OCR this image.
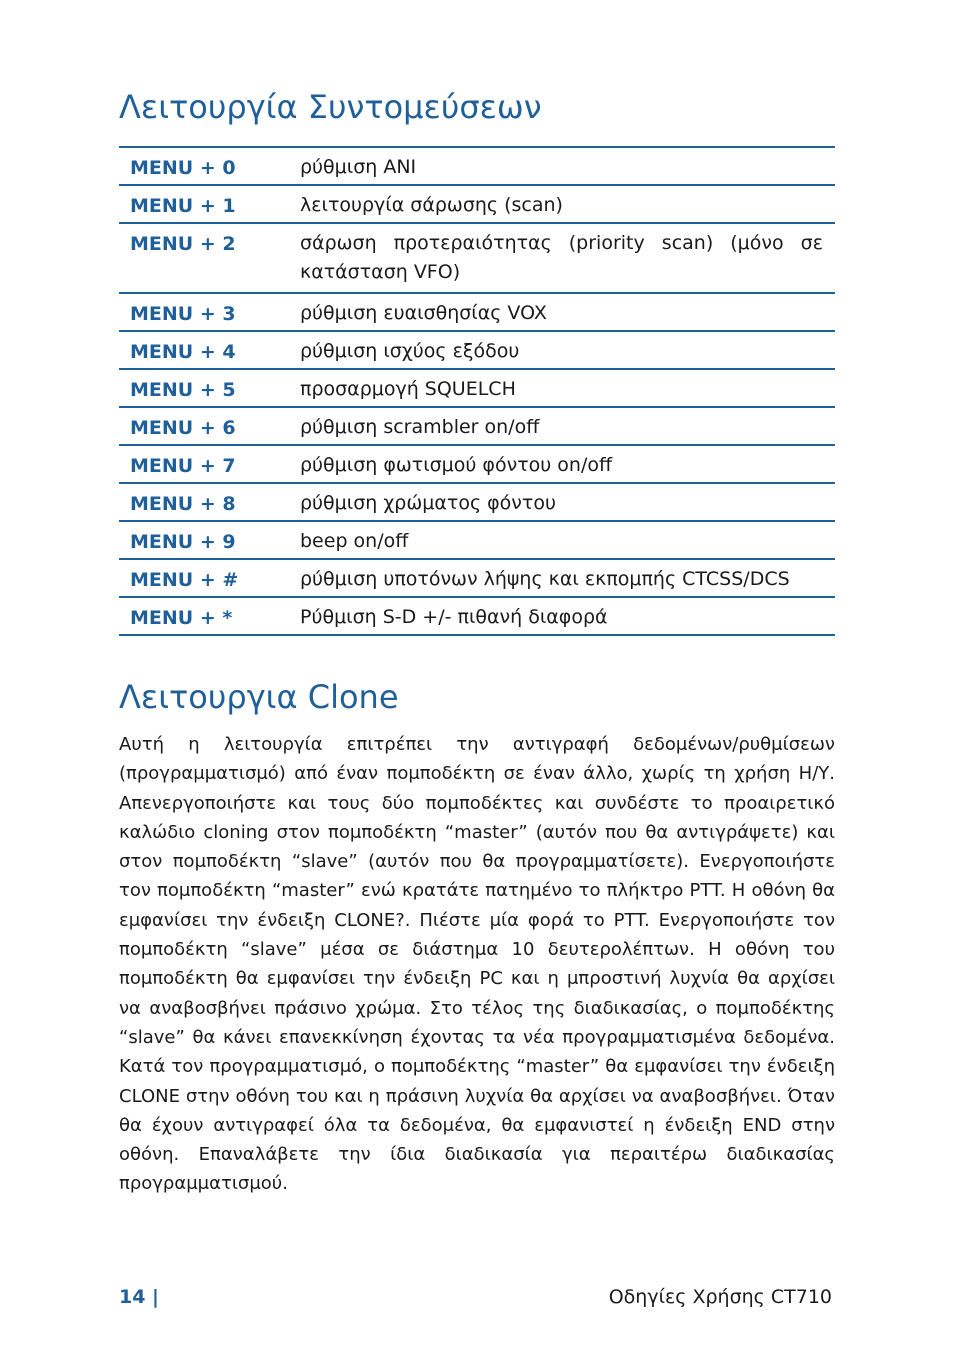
Λειτουργία Συντομεύσεων
MENU + 0	ρύθμιση ANI
MENU + 1	λειτουργία σάρωσης (scan)
MENU + 2	σάρωση προτεραιότητας (priority scan) (μόνο σε κατάσταση VFO)
MENU + 3	ρύθμιση ευαισθησίας VOX
MENU + 4	ρύθμιση ισχύος εξόδου
MENU + 5	προσαρμογή SQUELCH
MENU + 6	ρύθμιση scrambler on/off
MENU + 7	ρύθμιση φωτισμού φόντου on/off
MENU + 8	ρύθμιση χρώματος φόντου
MENU + 9	beep on/off
MENU + #	ρύθμιση υποτόνων λήψης και εκπομπής CTCSS/DCS
MENU + *	Ρύθμιση S-D +/- πιθανή διαφορά
Λειτουργια Clone

Αυτή η λειτουργία επιτρέπει την αντιγραφή δεδομένων/ρυθμίσεων (προγραμματισμό) από έναν πομποδέκτη σε έναν άλλο, χωρίς τη χρήση Η/Υ. Απενεργοποιήστε και τους δύο πομποδέκτες και συνδέστε το προαιρετικό καλώδιο cloning στον πομποδέκτη “master” (αυτόν που θα αντιγράψετε) και στον πομποδέκτη “slave” (αυτόν που θα προγραμματίσετε). Ενεργοποιήστε τον πομποδέκτη “master” ενώ κρατάτε πατημένο το πλήκτρο PTT. Η οθόνη θα εμφανίσει την ένδειξη CLONE?. Πιέστε μία φορά το PTT. Ενεργοποιήστε τον πομποδέκτη “slave” μέσα σε διάστημα 10 δευτερολέπτων. Η οθόνη του πομποδέκτη θα εμφανίσει την ένδειξη PC και η μπροστινή λυχνία θα αρχίσει να αναβοσβήνει πράσινο χρώμα. Στο τέλος της διαδικασίας, ο πομποδέκτης “slave” θα κάνει επανεκκίνηση έχοντας τα νέα προγραμματισμένα δεδομένα. Κατά τον προγραμματισμό, ο πομποδέκτης “master” θα εμφανίσει την ένδειξη CLONE στην οθόνη του και η πράσινη λυχνία θα αρχίσει να αναβοσβήνει. Όταν θα έχουν αντιγραφεί όλα τα δεδομένα, θα εμφανιστεί η ένδειξη END στην οθόνη. Επαναλάβετε την ίδια διαδικασία για περαιτέρω διαδικασίας προγραμματισμού.

14 |	Οδηγίες Χρήσης CT710
